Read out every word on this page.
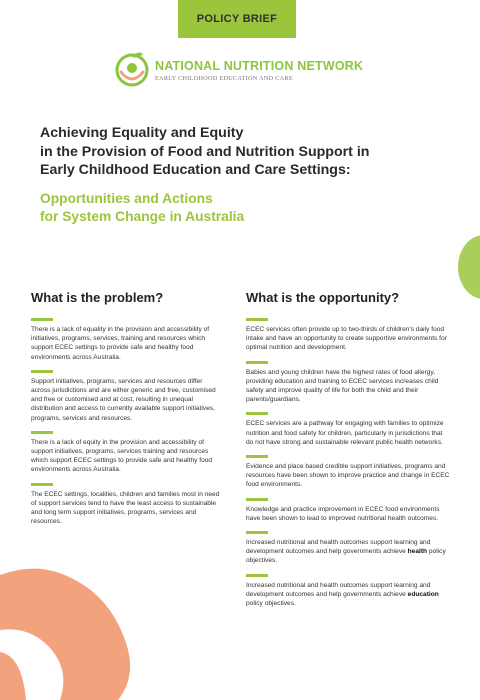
POLICY BRIEF
NATIONAL NUTRITION NETWORK
EARLY CHILDHOOD EDUCATION AND CARE
Achieving Equality and Equity
in the Provision of Food and Nutrition Support in
Early Childhood Education and Care Settings:
Opportunities and Actions
for System Change in Australia
What is the problem?

There is a lack of equality in the provision and accessibility of initiatives, programs, services, training and resources which support ECEC settings to provide safe and healthy food environments across Australia.

Support initiatives, programs, services and resources differ across jurisdictions and are either generic and free, customised and free or customised and at cost, resulting in unequal distribution and access to currently available support initiatives, programs, services and resources.

There is a lack of equity in the provision and accessibility of support initiatives, programs, services training and resources which support ECEC settings to provide safe and healthy food environments across Australia.

The ECEC settings, localities, children and families most in need of support services tend to have the least access to sustainable and long term support initiatives, programs, services and resources.

What is the opportunity?

ECEC services often provide up to two-thirds of children's daily food intake and have an opportunity to create supportive environments for optimal nutrition and development.

Babies and young children have the highest rates of food allergy, providing education and training to ECEC services increases child safety and improve quality of life for both the child and their parents/guardians.

ECEC services are a pathway for engaging with families to optimize nutrition and food safety for children, particularly in jurisdictions that do not have strong and sustainable relevant public health networks.

Evidence and place based credible support initiatives, programs and resources have been shown to improve practice and change in ECEC food environments.

Knowledge and practice improvement in ECEC food environments have been shown to lead to improved nutritional health outcomes.

Increased nutritional and health outcomes support learning and development outcomes and help governments achieve health policy objectives.

Increased nutritional and health outcomes support learning and development outcomes and help governments achieve education policy objectives.
